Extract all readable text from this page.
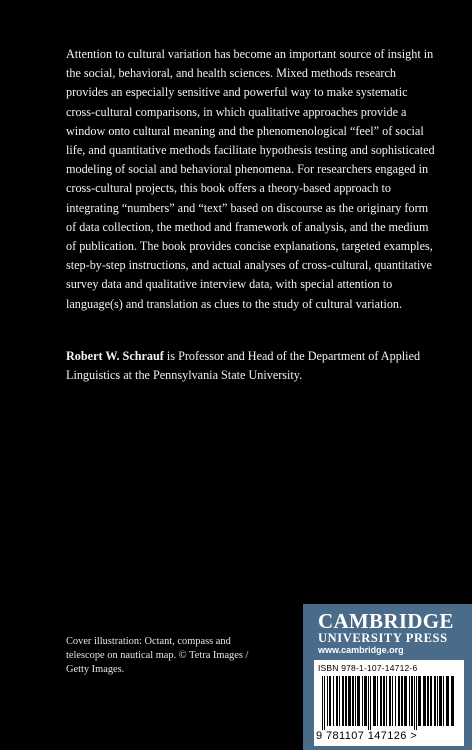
Attention to cultural variation has become an important source of insight in the social, behavioral, and health sciences. Mixed methods research provides an especially sensitive and powerful way to make systematic cross-cultural comparisons, in which qualitative approaches provide a window onto cultural meaning and the phenomenological “feel” of social life, and quantitative methods facilitate hypothesis testing and sophisticated modeling of social and behavioral phenomena. For researchers engaged in cross-cultural projects, this book offers a theory-based approach to integrating “numbers” and “text” based on discourse as the originary form of data collection, the method and framework of analysis, and the medium of publication. The book provides concise explanations, targeted examples, step-by-step instructions, and actual analyses of cross-cultural, quantitative survey data and qualitative interview data, with special attention to language(s) and translation as clues to the study of cultural variation.

Robert W. Schrauf is Professor and Head of the Department of Applied Linguistics at the Pennsylvania State University.

Cover illustration: Octant, compass and telescope on nautical map. © Tetra Images / Getty Images.

CAMBRIDGE
UNIVERSITY PRESS
www.cambridge.org
ISBN 978-1-107-14712-6
9 781107 147126 >
